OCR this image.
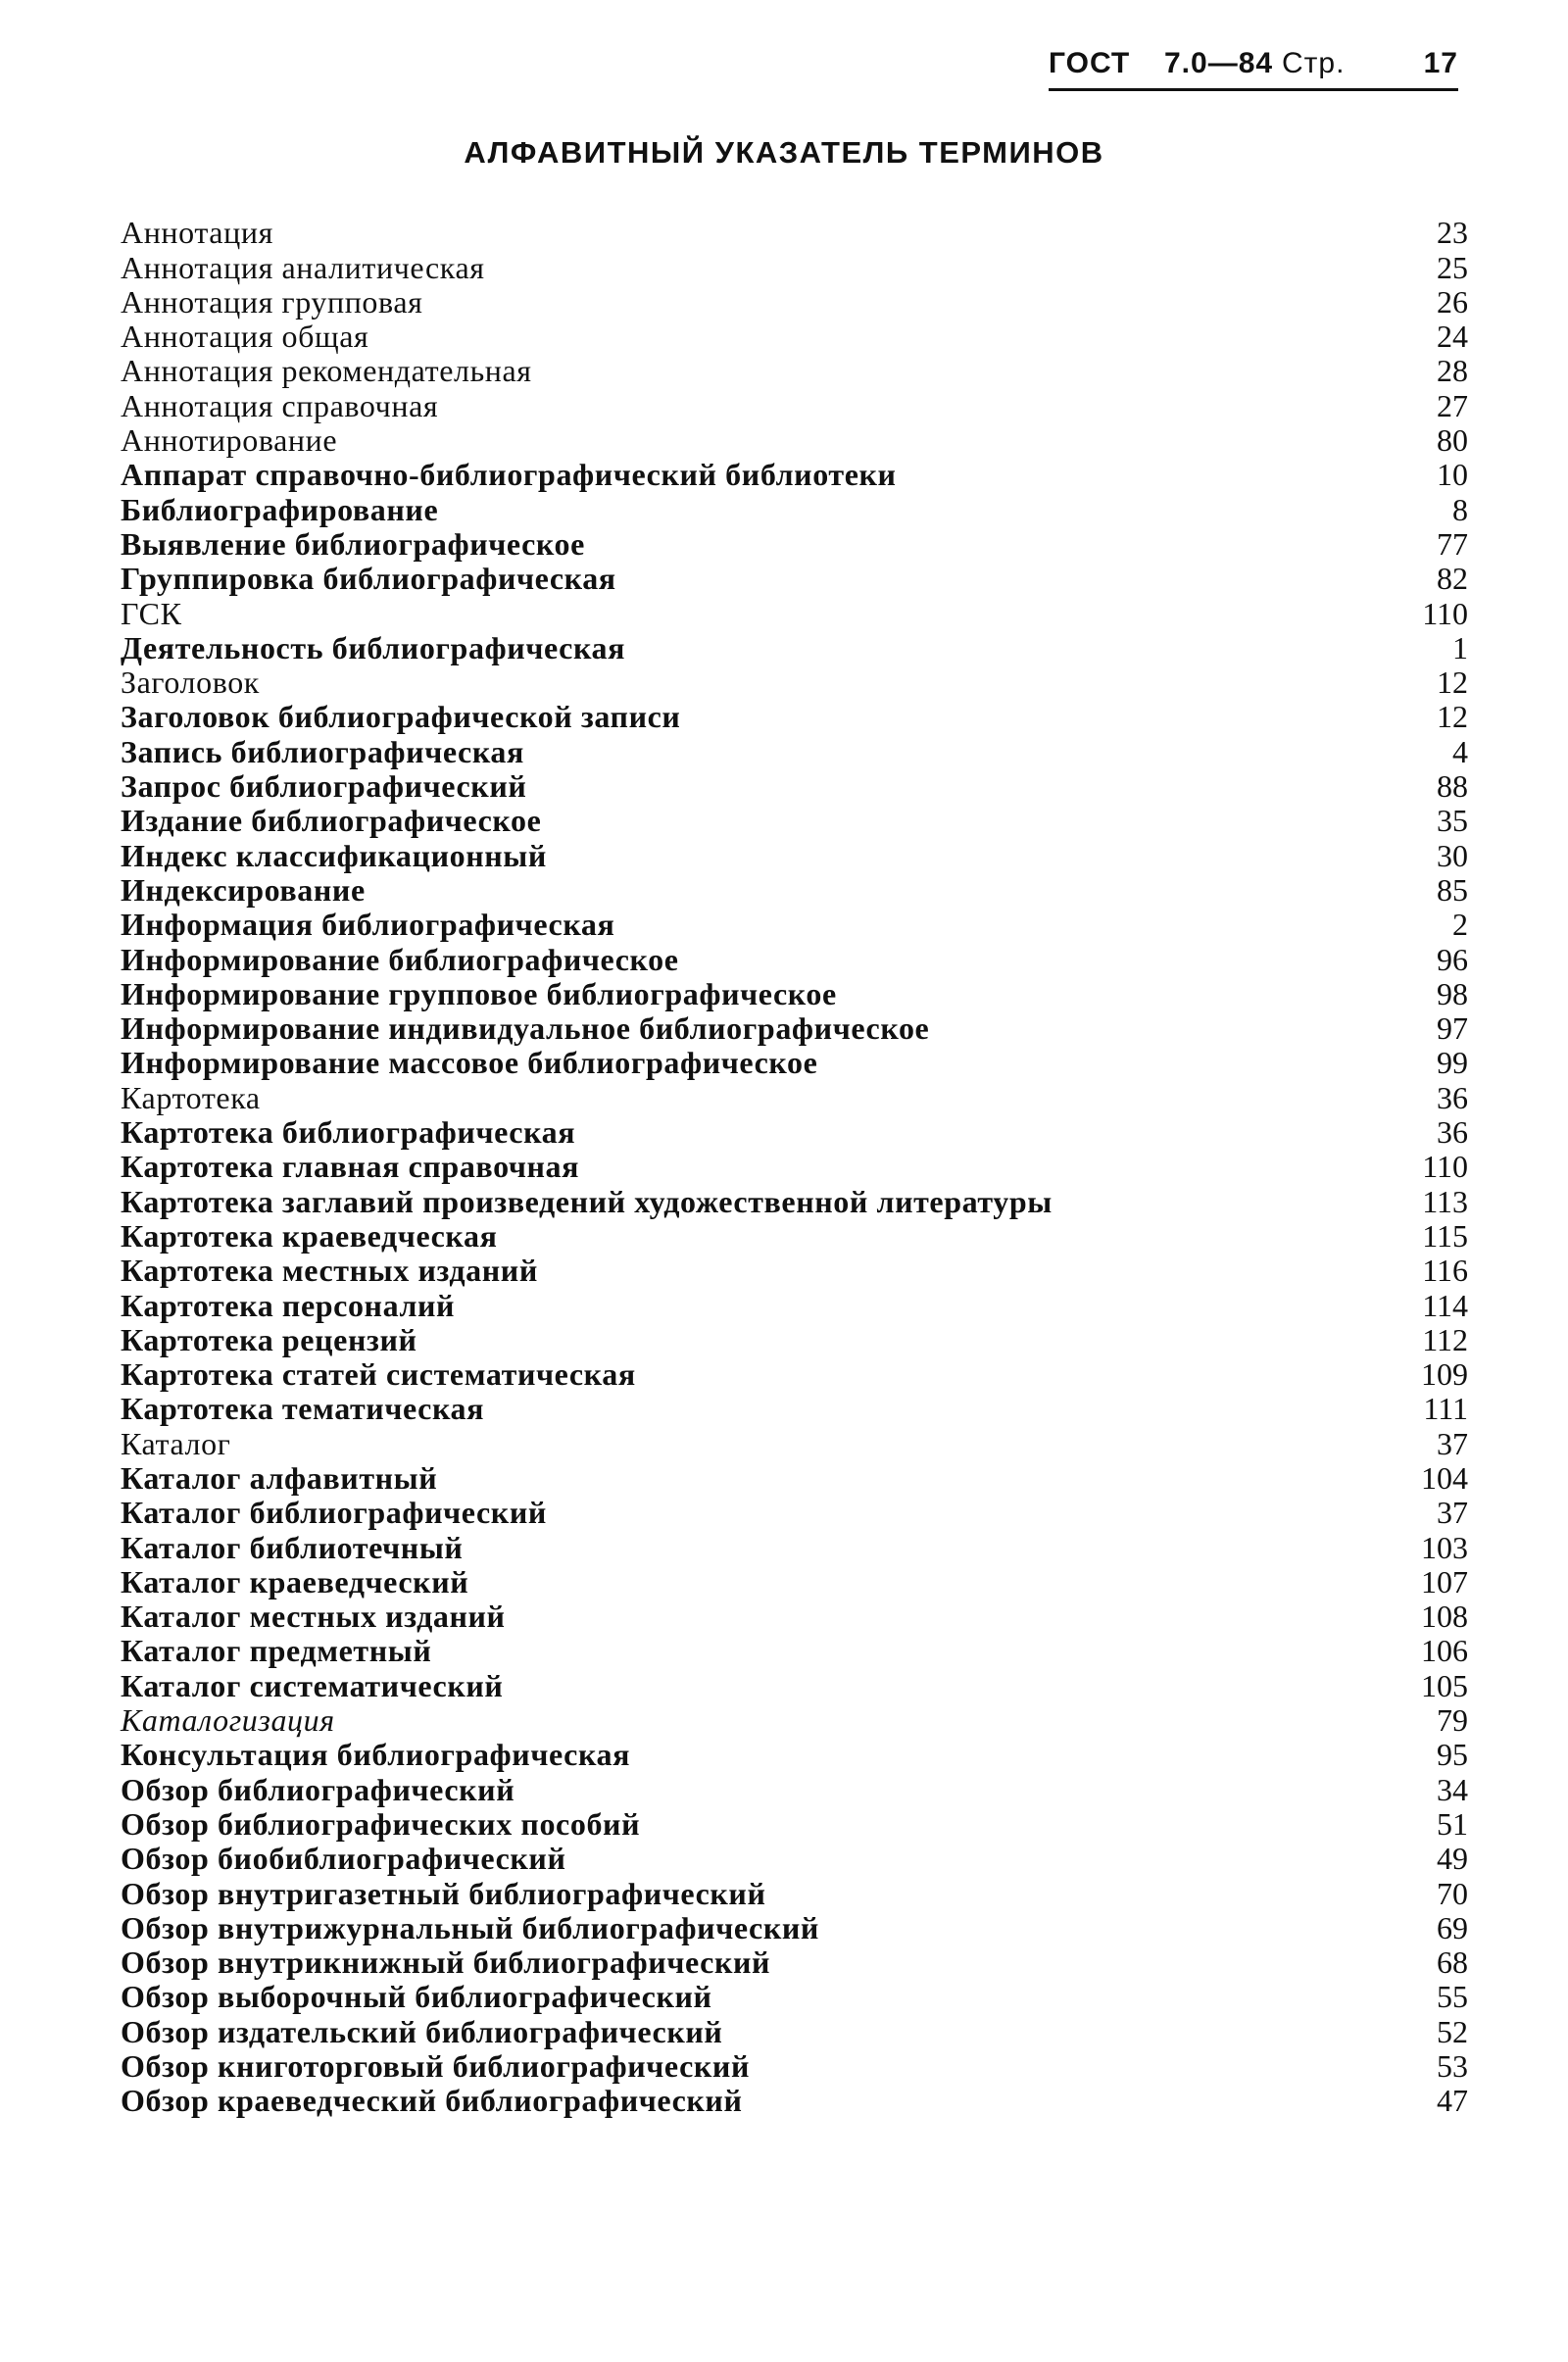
ГОСТ	7.0—84 Стр.	17
АЛФАВИТНЫЙ УКАЗАТЕЛЬ ТЕРМИНОВ
Аннотация	23
Аннотация аналитическая	25
Аннотация групповая	26
Аннотация общая	24
Аннотация рекомендательная	28
Аннотация справочная	27
Аннотирование	80
Аппарат справочно-библиографический библиотеки	10
Библиографирование	8
Выявление библиографическое	77
Группировка библиографическая	82
ГСК	110
Деятельность библиографическая	1
Заголовок	12
Заголовок библиографической записи	12
Запись библиографическая	4
Запрос библиографический	88
Издание библиографическое	35
Индекс классификационный	30
Индексирование	85
Информация библиографическая	2
Информирование библиографическое	96
Информирование групповое библиографическое	98
Информирование индивидуальное библиографическое	97
Информирование массовое библиографическое	99
Картотека	36
Картотека библиографическая	36
Картотека главная справочная	110
Картотека заглавий произведений художественной литературы	113
Картотека краеведческая	115
Картотека местных изданий	116
Картотека персоналий	114
Картотека рецензий	112
Картотека статей систематическая	109
Картотека тематическая	111
Каталог	37
Каталог алфавитный	104
Каталог библиографический	37
Каталог библиотечный	103
Каталог краеведческий	107
Каталог местных изданий	108
Каталог предметный	106
Каталог систематический	105
Каталогизация	79
Консультация библиографическая	95
Обзор библиографический	34
Обзор библиографических пособий	51
Обзор биобиблиографический	49
Обзор внутригазетный библиографический	70
Обзор внутрижурнальный библиографический	69
Обзор внутрикнижный библиографический	68
Обзор выборочный библиографический	55
Обзор издательский библиографический	52
Обзор книготорговый библиографический	53
Обзор краеведческий библиографический	47
